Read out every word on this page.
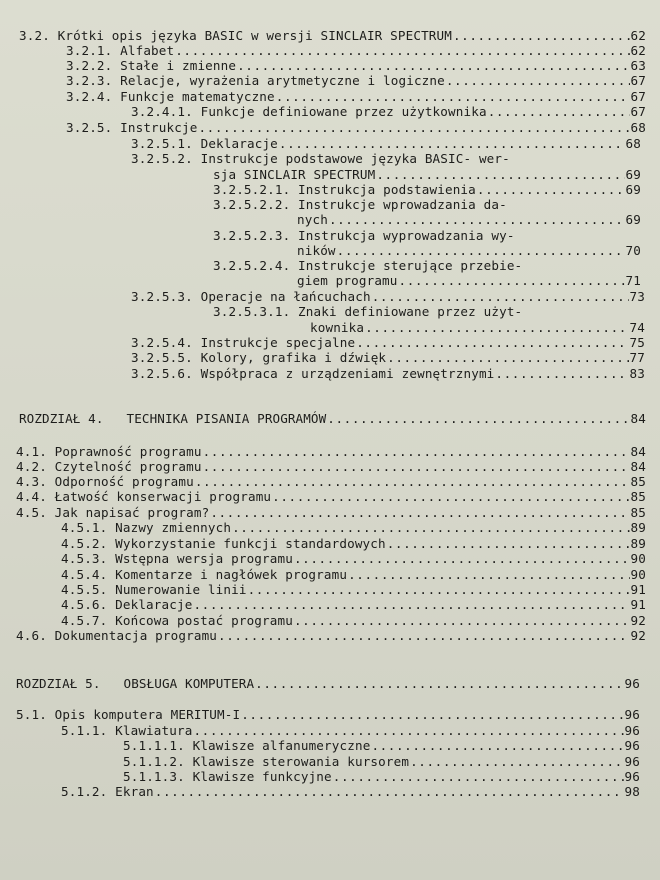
3.2. Krótki opis języka BASIC w wersji SINCLAIR SPECTRUM .....	62
3.2.1. Alfabet .....	62
3.2.2. Stałe i zmienne .....	63
3.2.3. Relacje, wyrażenia arytmetyczne i logiczne .....	67
3.2.4. Funkcje matematyczne .....	67
3.2.4.1. Funkcje definiowane przez użytkownika .....	67
3.2.5. Instrukcje .....	68
3.2.5.1. Deklaracje .....	68
3.2.5.2. Instrukcje podstawowe języka BASIC- wer-
sja SINCLAIR SPECTRUM .....	69
3.2.5.2.1. Instrukcja podstawienia .....	69
3.2.5.2.2. Instrukcje wprowadzania da-
nych .....	69
3.2.5.2.3. Instrukcja wyprowadzania wy-
ników .....	70
3.2.5.2.4. Instrukcje sterujące przebie-
giem programu .....	71
3.2.5.3. Operacje na łańcuchach .....	73
3.2.5.3.1. Znaki definiowane przez użyt-
kownika .....	74
3.2.5.4. Instrukcje specjalne .....	75
3.2.5.5. Kolory, grafika i dźwięk .....	77
3.2.5.6. Współpraca z urządzeniami zewnętrznymi .....	83
ROZDZIAŁ 4.   TECHNIKA PISANIA PROGRAMÓW .....	84
4.1. Poprawność programu .....	84
4.2. Czytelność programu .....	84
4.3. Odporność programu .....	85
4.4. Łatwość konserwacji programu .....	85
4.5. Jak napisać program? .....	85
4.5.1. Nazwy zmiennych .....	89
4.5.2. Wykorzystanie funkcji standardowych .....	89
4.5.3. Wstępna wersja programu .....	90
4.5.4. Komentarze i nagłówek programu .....	90
4.5.5. Numerowanie linii .....	91
4.5.6. Deklaracje .....	91
4.5.7. Końcowa postać programu .....	92
4.6. Dokumentacja programu .....	92
ROZDZIAŁ 5.   OBSŁUGA KOMPUTERA .....	96
5.1. Opis komputera MERITUM-I .....	96
5.1.1. Klawiatura .....	96
5.1.1.1. Klawisze alfanumeryczne .....	96
5.1.1.2. Klawisze sterowania kursorem .....	96
5.1.1.3. Klawisze funkcyjne .....	96
5.1.2. Ekran .....	98
